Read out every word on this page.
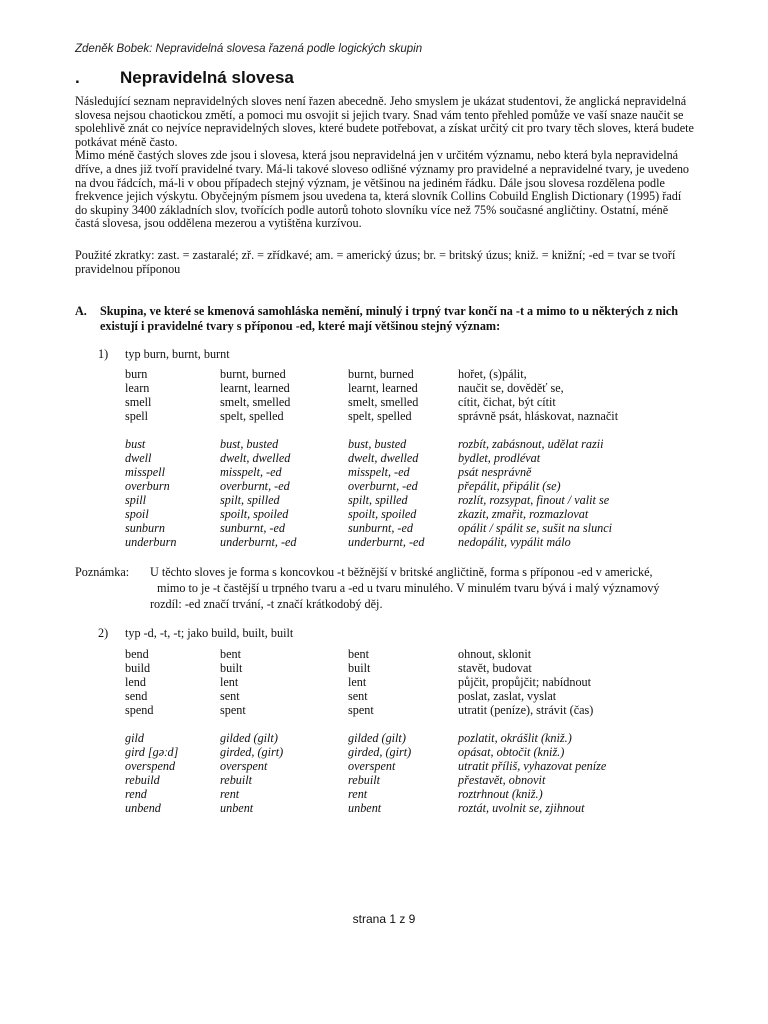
Zdeněk Bobek: Nepravidelná slovesa řazená podle logických skupin
. Nepravidelná slovesa

Následující seznam nepravidelných sloves není řazen abecedně. Jeho smyslem je ukázat studentovi, že anglická nepravidelná slovesa nejsou chaotickou změtí, a pomoci mu osvojit si jejich tvary. Snad vám tento přehled pomůže ve vaší snaze naučit se spolehlivě znát co nejvíce nepravidelných sloves, které budete potřebovat, a získat určitý cit pro tvary těch sloves, která budete potkávat méně často.

Mimo méně častých sloves zde jsou i slovesa, která jsou nepravidelná jen v určitém významu, nebo která byla nepravidelná dříve, a dnes již tvoří pravidelné tvary. Má-li takové sloveso odlišné významy pro pravidelné a nepravidelné tvary, je uvedeno na dvou řádcích, má-li v obou případech stejný význam, je většinou na jediném řádku. Dále jsou slovesa rozdělena podle frekvence jejich výskytu. Obyčejným písmem jsou uvedena ta, která slovník Collins Cobuild English Dictionary (1995) řadí do skupiny 3400 základních slov, tvořících podle autorů tohoto slovníku více než 75% současné angličtiny. Ostatní, méně častá slovesa, jsou oddělena mezerou a vytištěna kurzívou.

Použité zkratky: zast. = zastaralé; zř. = zřídkavé; am. = americký úzus; br. = britský úzus; kniž. = knižní; -ed = tvar se tvoří pravidelnou příponou
A. Skupina, ve které se kmenová samohláska nemění, minulý i trpný tvar končí na -t a mimo to u některých z nich existují i pravidelné tvary s příponou -ed, které mají většinou stejný význam:
1) typ burn, burnt, burnt
burn	burnt, burned	burnt, burned	hořet, (s)pálit,
learn	learnt, learned	learnt, learned	naučit se, dověděť se,
smell	smelt, smelled	smelt, smelled	cítit, čichat, být cítit
spell	spelt, spelled	spelt, spelled	správně psát, hláskovat, naznačit
bust	bust, busted	bust, busted	rozbít, zabásnout, udělat razii
dwell	dwelt, dwelled	dwelt, dwelled	bydlet, prodlévat
misspell	misspelt, -ed	misspelt, -ed	psát nesprávně
overburn	overburnt, -ed	overburnt, -ed	přepálit, připálit (se)
spill	spilt, spilled	spilt, spilled	rozlít, rozsypat, finout / valit se
spoil	spoilt, spoiled	spoilt, spoiled	zkazit, zmařit, rozmazlovat
sunburn	sunburnt, -ed	sunburnt, -ed	opálit / spálit se, sušit na slunci
underburn	underburnt, -ed	underburnt, -ed	nedopálit, vypálit málo
Poznámka: U těchto sloves je forma s koncovkou -t běžnější v britské angličtině, forma s příponou -ed v americké,
mimo to je -t častější u trpného tvaru a -ed u tvaru minulého. V minulém tvaru bývá i malý významový
rozdíl: -ed značí trvání, -t značí krátkodobý děj.
2) typ -d, -t, -t; jako build, built, built
bend	bent	bent	ohnout, sklonit
build	built	built	stavět, budovat
lend	lent	lent	půjčit, propůjčit; nabídnout
send	sent	sent	poslat, zaslat, vyslat
spend	spent	spent	utratit (peníze), strávit (čas)
gild	gilded (gilt)	gilded (gilt)	pozlatit, okrášlit (kniž.)
gird [gəːd]	girded, (girt)	girded, (girt)	opásat, obtočit (kniž.)
overspend	overspent	overspent	utratit příliš, vyhazovat peníze
rebuild	rebuilt	rebuilt	přestavět, obnovit
rend	rent	rent	roztrhnout (kniž.)
unbend	unbent	unbent	roztát, uvolnit se, zjihnout
strana 1 z 9
